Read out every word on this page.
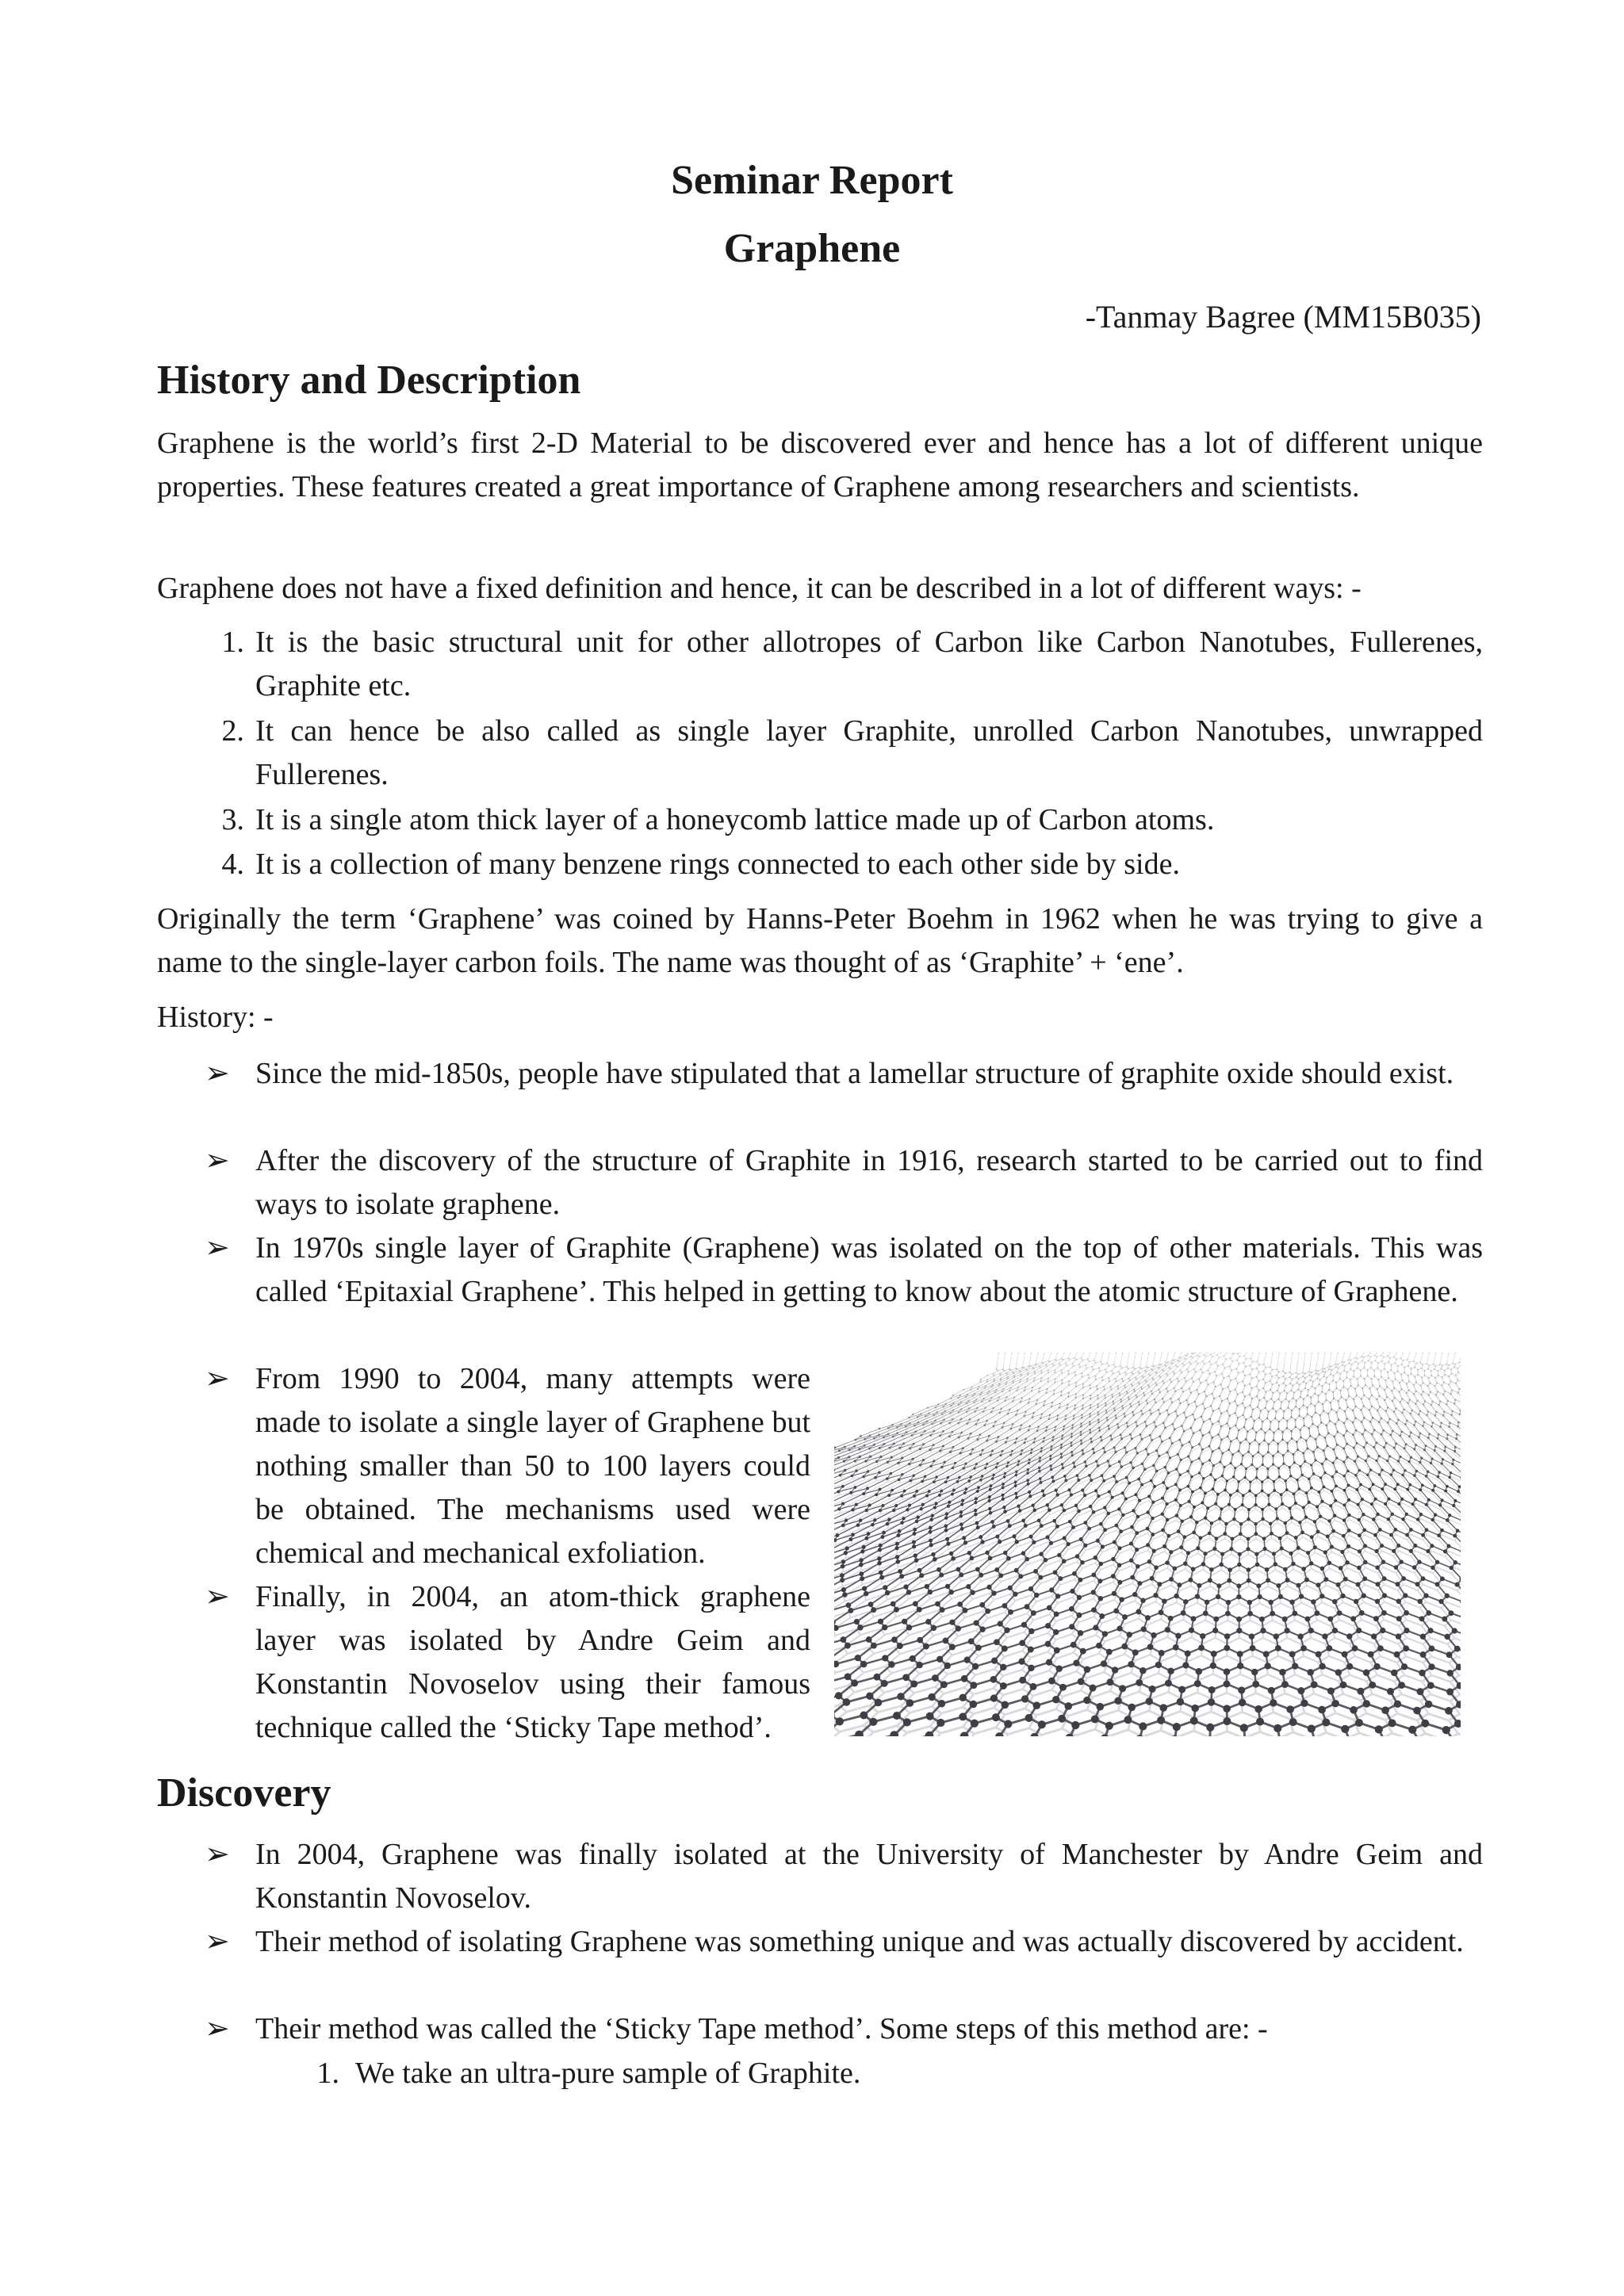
Seminar Report
Graphene
-Tanmay Bagree (MM15B035)
History and Description
Graphene is the world’s first 2-D Material to be discovered ever and hence has a lot of different unique properties. These features created a great importance of Graphene among researchers and scientists.
Graphene does not have a fixed definition and hence, it can be described in a lot of different ways: -
1. It is the basic structural unit for other allotropes of Carbon like Carbon Nanotubes, Fullerenes, Graphite etc.
2. It can hence be also called as single layer Graphite, unrolled Carbon Nanotubes, unwrapped Fullerenes.
3. It is a single atom thick layer of a honeycomb lattice made up of Carbon atoms.
4. It is a collection of many benzene rings connected to each other side by side.
Originally the term ‘Graphene’ was coined by Hanns-Peter Boehm in 1962 when he was trying to give a name to the single-layer carbon foils. The name was thought of as ‘Graphite’ + ‘ene’.
History: -
➢ Since the mid-1850s, people have stipulated that a lamellar structure of graphite oxide should exist.
➢ After the discovery of the structure of Graphite in 1916, research started to be carried out to find ways to isolate graphene.
➢ In 1970s single layer of Graphite (Graphene) was isolated on the top of other materials. This was called ‘Epitaxial Graphene’. This helped in getting to know about the atomic structure of Graphene.
➢ From 1990 to 2004, many attempts were made to isolate a single layer of Graphene but nothing smaller than 50 to 100 layers could be obtained. The mechanisms used were chemical and mechanical exfoliation.
➢ Finally, in 2004, an atom-thick graphene layer was isolated by Andre Geim and Konstantin Novoselov using their famous technique called the ‘Sticky Tape method’.
Discovery
➢ In 2004, Graphene was finally isolated at the University of Manchester by Andre Geim and Konstantin Novoselov.
➢ Their method of isolating Graphene was something unique and was actually discovered by accident.
➢ Their method was called the ‘Sticky Tape method’. Some steps of this method are: -
1. We take an ultra-pure sample of Graphite.
